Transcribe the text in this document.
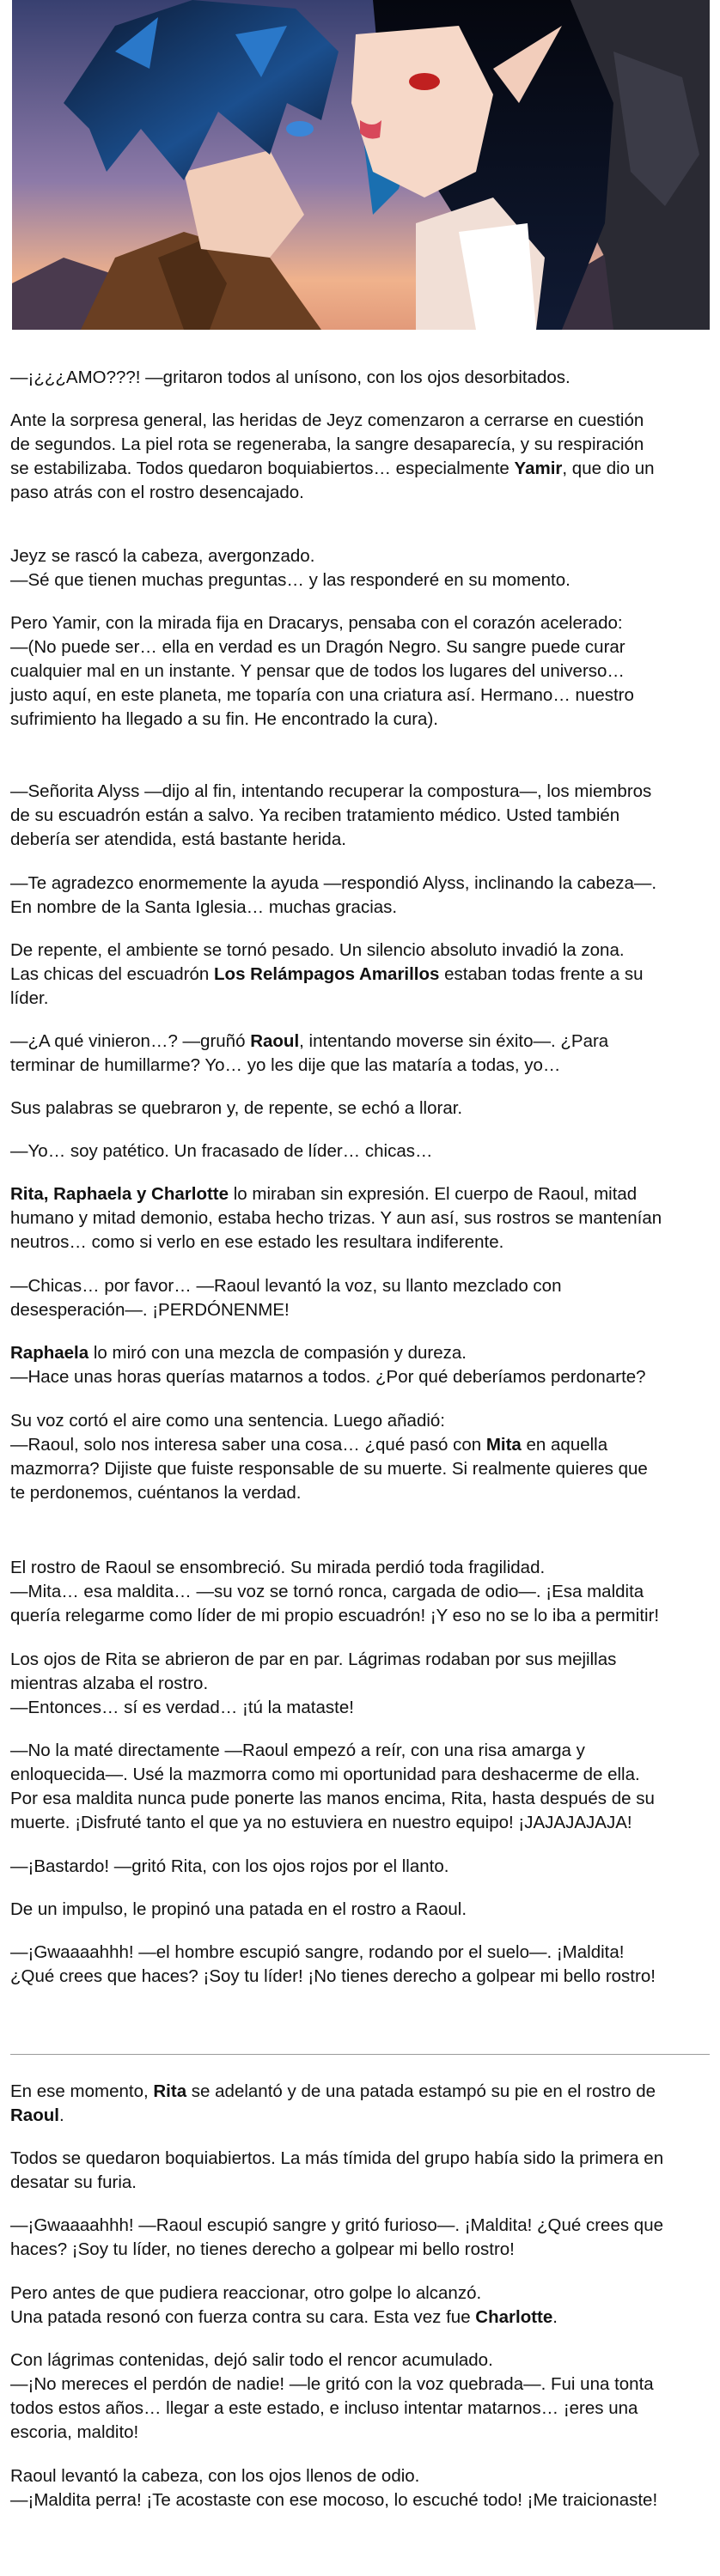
—¡¿¿¿AMO???! —gritaron todos al unísono, con los ojos desorbitados.

Ante la sorpresa general, las heridas de Jeyz comenzaron a cerrarse en cuestión
de segundos. La piel rota se regeneraba, la sangre desaparecía, y su respiración
se estabilizaba. Todos quedaron boquiabiertos… especialmente Yamir, que dio un
paso atrás con el rostro desencajado.

Jeyz se rascó la cabeza, avergonzado.
—Sé que tienen muchas preguntas… y las responderé en su momento.

Pero Yamir, con la mirada fija en Dracarys, pensaba con el corazón acelerado:
—(No puede ser… ella en verdad es un Dragón Negro. Su sangre puede curar
cualquier mal en un instante. Y pensar que de todos los lugares del universo…
justo aquí, en este planeta, me toparía con una criatura así. Hermano… nuestro
sufrimiento ha llegado a su fin. He encontrado la cura).

—Señorita Alyss —dijo al fin, intentando recuperar la compostura—, los miembros
de su escuadrón están a salvo. Ya reciben tratamiento médico. Usted también
debería ser atendida, está bastante herida.

—Te agradezco enormemente la ayuda —respondió Alyss, inclinando la cabeza—.
En nombre de la Santa Iglesia… muchas gracias.

De repente, el ambiente se tornó pesado. Un silencio absoluto invadió la zona.
Las chicas del escuadrón Los Relámpagos Amarillos estaban todas frente a su
líder.

—¿A qué vinieron…? —gruñó Raoul, intentando moverse sin éxito—. ¿Para
terminar de humillarme? Yo… yo les dije que las mataría a todas, yo…

Sus palabras se quebraron y, de repente, se echó a llorar.

—Yo… soy patético. Un fracasado de líder… chicas…

Rita, Raphaela y Charlotte lo miraban sin expresión. El cuerpo de Raoul, mitad
humano y mitad demonio, estaba hecho trizas. Y aun así, sus rostros se mantenían
neutros… como si verlo en ese estado les resultara indiferente.

—Chicas… por favor… —Raoul levantó la voz, su llanto mezclado con
desesperación—. ¡PERDÓNENME!

Raphaela lo miró con una mezcla de compasión y dureza.
—Hace unas horas querías matarnos a todos. ¿Por qué deberíamos perdonarte?

Su voz cortó el aire como una sentencia. Luego añadió:
—Raoul, solo nos interesa saber una cosa… ¿qué pasó con Mita en aquella
mazmorra? Dijiste que fuiste responsable de su muerte. Si realmente quieres que
te perdonemos, cuéntanos la verdad.

El rostro de Raoul se ensombreció. Su mirada perdió toda fragilidad.
—Mita… esa maldita… —su voz se tornó ronca, cargada de odio—. ¡Esa maldita
quería relegarme como líder de mi propio escuadrón! ¡Y eso no se lo iba a permitir!

Los ojos de Rita se abrieron de par en par. Lágrimas rodaban por sus mejillas
mientras alzaba el rostro.
—Entonces… sí es verdad… ¡tú la mataste!

—No la maté directamente —Raoul empezó a reír, con una risa amarga y
enloquecida—. Usé la mazmorra como mi oportunidad para deshacerme de ella.
Por esa maldita nunca pude ponerte las manos encima, Rita, hasta después de su
muerte. ¡Disfruté tanto el que ya no estuviera en nuestro equipo! ¡JAJAJAJAJA!

—¡Bastardo! —gritó Rita, con los ojos rojos por el llanto.

De un impulso, le propinó una patada en el rostro a Raoul.

—¡Gwaaaahhh! —el hombre escupió sangre, rodando por el suelo—. ¡Maldita!
¿Qué crees que haces? ¡Soy tu líder! ¡No tienes derecho a golpear mi bello rostro!

En ese momento, Rita se adelantó y de una patada estampó su pie en el rostro de
Raoul.

Todos se quedaron boquiabiertos. La más tímida del grupo había sido la primera en
desatar su furia.

—¡Gwaaaahhh! —Raoul escupió sangre y gritó furioso—. ¡Maldita! ¿Qué crees que
haces? ¡Soy tu líder, no tienes derecho a golpear mi bello rostro!

Pero antes de que pudiera reaccionar, otro golpe lo alcanzó.
Una patada resonó con fuerza contra su cara. Esta vez fue Charlotte.

Con lágrimas contenidas, dejó salir todo el rencor acumulado.
—¡No mereces el perdón de nadie! —le gritó con la voz quebrada—. Fui una tonta
todos estos años… llegar a este estado, e incluso intentar matarnos… ¡eres una
escoria, maldito!

Raoul levantó la cabeza, con los ojos llenos de odio.
—¡Maldita perra! ¡Te acostaste con ese mocoso, lo escuché todo! ¡Me traicionaste!
